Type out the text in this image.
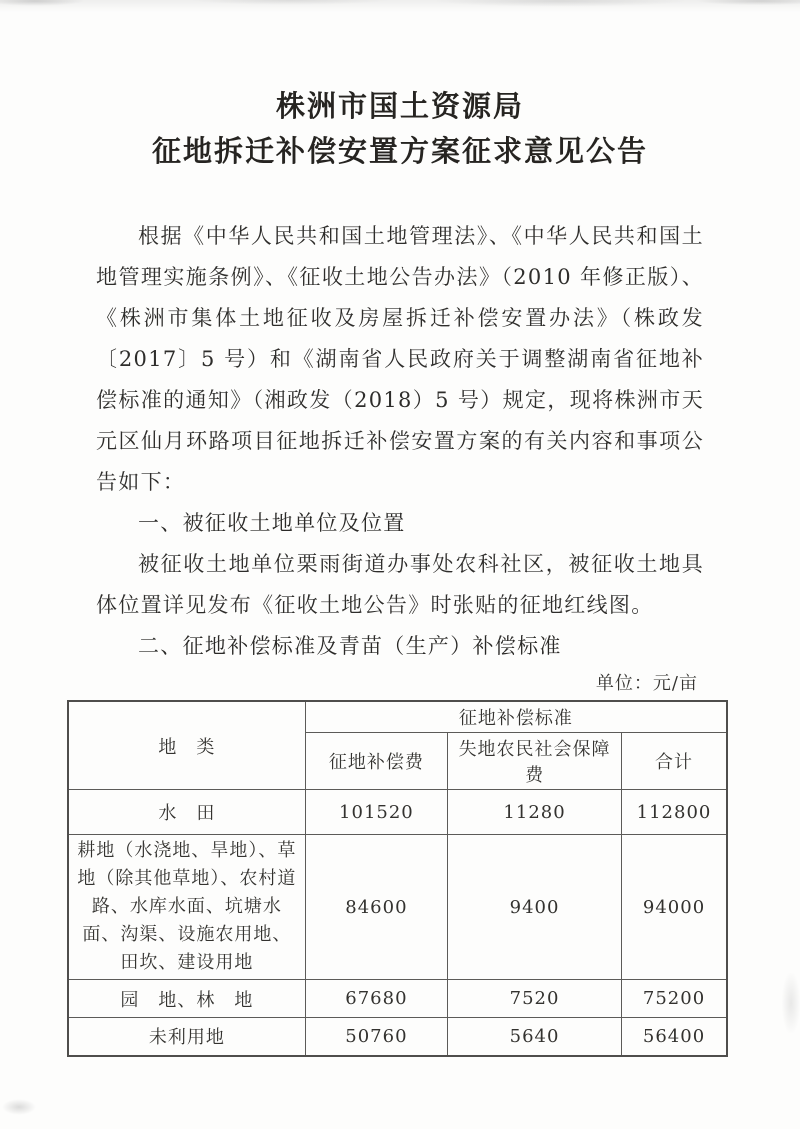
株洲市国土资源局
征地拆迁补偿安置方案征求意见公告

根据《中华人民共和国土地管理法》、《中华人民共和国土地管理实施条例》、《征收土地公告办法》（2010 年修正版）、《株洲市集体土地征收及房屋拆迁补偿安置办法》（株政发〔2017〕5 号）和《湖南省人民政府关于调整湖南省征地补偿标准的通知》（湘政发（2018）5 号）规定，现将株洲市天元区仙月环路项目征地拆迁补偿安置方案的有关内容和事项公告如下：

一、被征收土地单位及位置

被征收土地单位栗雨街道办事处农科社区，被征收土地具体位置详见发布《征收土地公告》时张贴的征地红线图。

二、征地补偿标准及青苗（生产）补偿标准

单位：元/亩
地　类	征地补偿标准		
	征地补偿费	失地农民社会保障费	合计
水　田	101520	11280	112800
耕地（水浇地、旱地）、草地（除其他草地）、农村道路、水库水面、坑塘水面、沟渠、设施农用地、田坎、建设用地	84600	9400	94000
园　地、林　地	67680	7520	75200
未利用地	50760	5640	56400
